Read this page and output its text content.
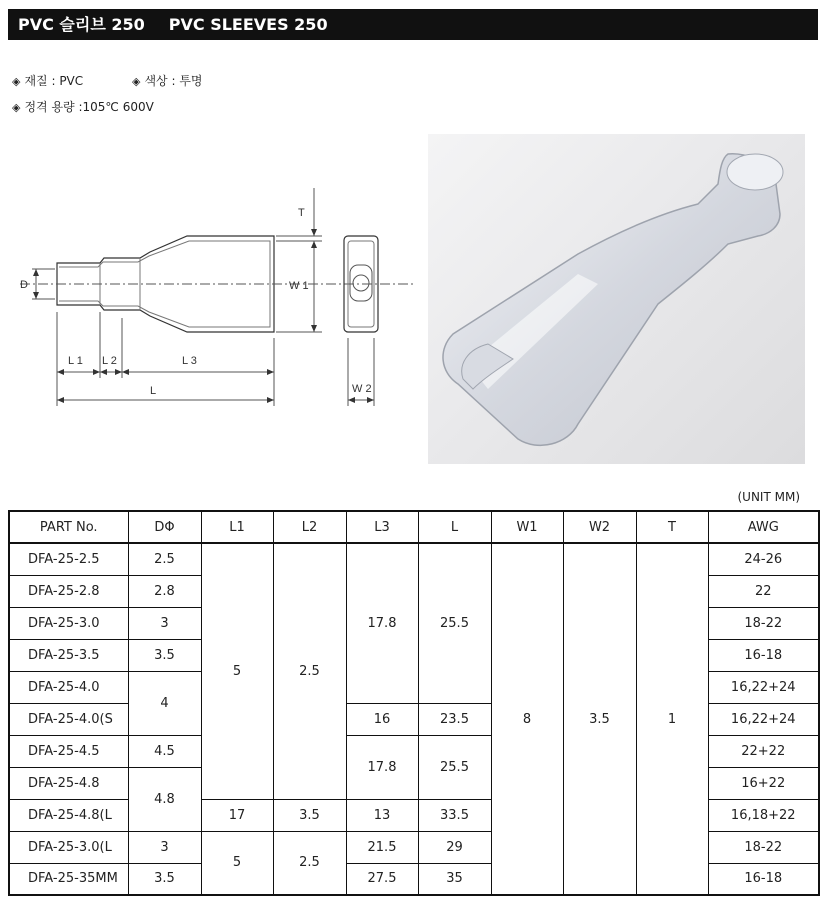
PVC 슬리브 250 PVC SLEEVES 250
◈ 재질 : PVC	◈ 색상 : 투명
◈ 정격 용량 :105℃ 600V
D
T
W 1
W 2
L 1 L 2	L 3
L
(UNIT MM)
PART No.	DΦ	L1	L2	L3	L	W1	W2	T	AWG
DFA-25-2.5	2.5	5	2.5	17.8	25.5	8	3.5	1	24-26
DFA-25-2.8	2.8								22
DFA-25-3.0	3								18-22
DFA-25-3.5	3.5								16-18
DFA-25-4.0	4								16,22+24
DFA-25-4.0(S				16	23.5				16,22+24
DFA-25-4.5	4.5			17.8	25.5				22+22
DFA-25-4.8	4.8								16+22
DFA-25-4.8(L		17	3.5	13	33.5				16,18+22
DFA-25-3.0(L	3	5	2.5	21.5	29				18-22
DFA-25-35MM	3.5			27.5	35				16-18
